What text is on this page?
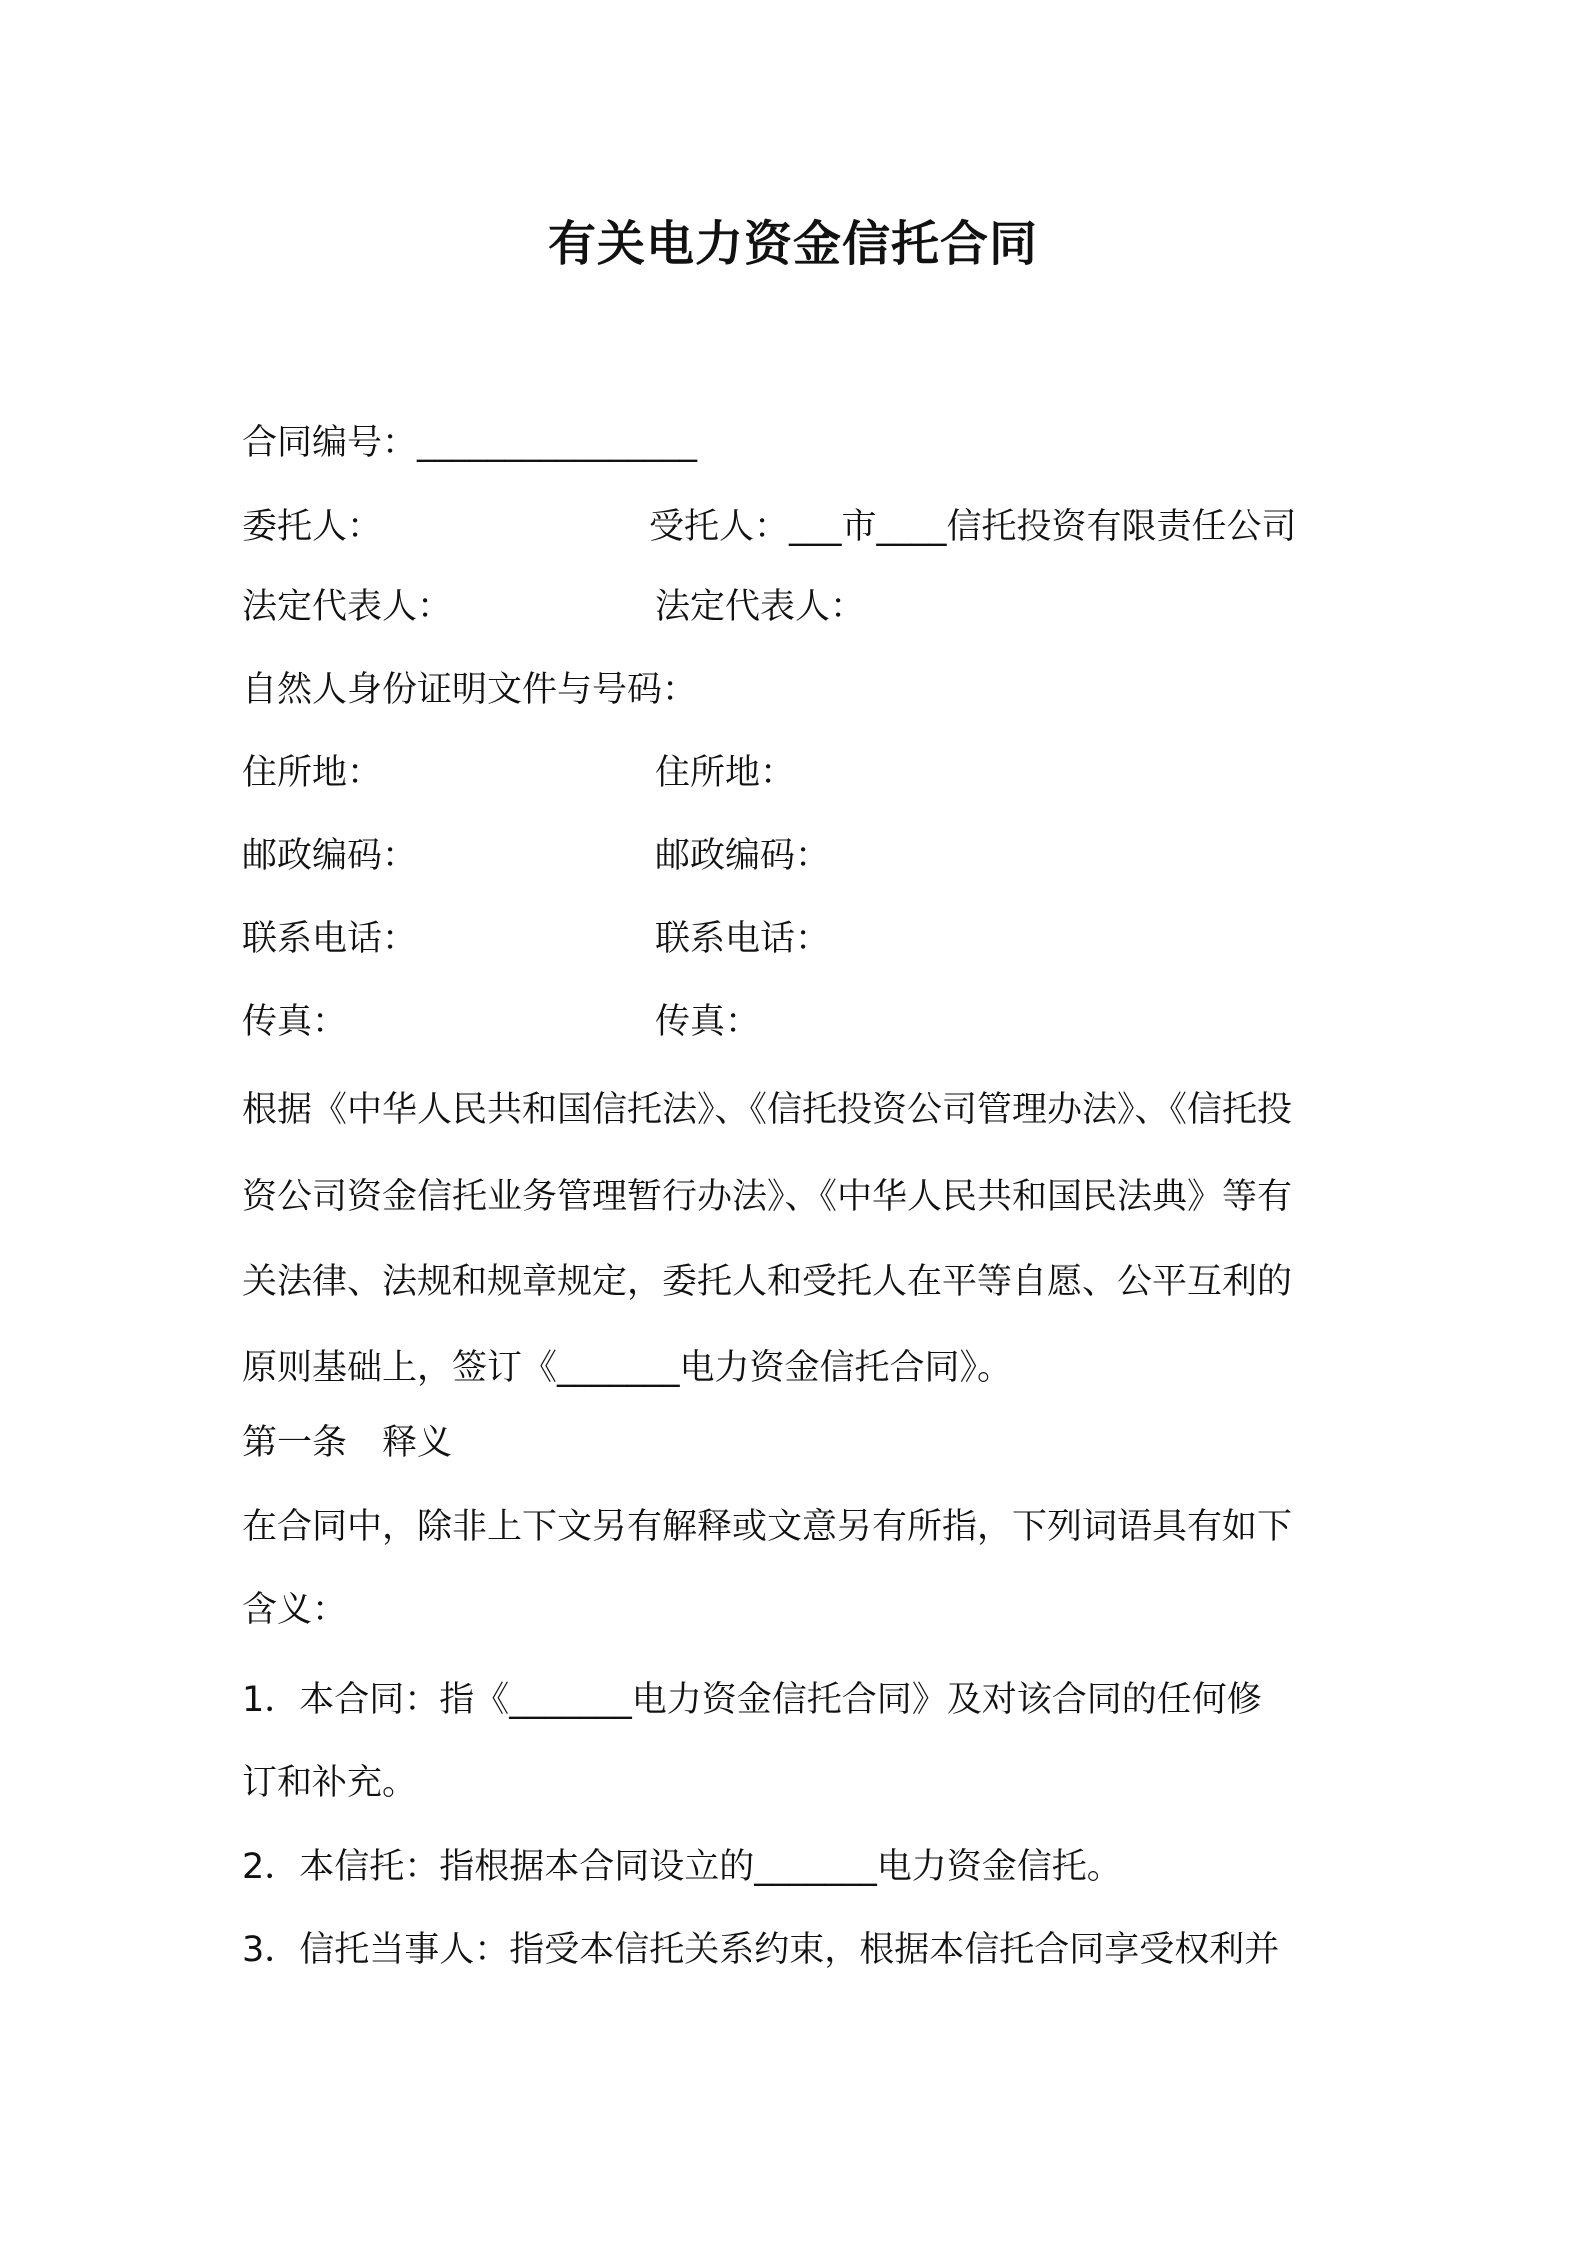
有关电力资金信托合同
合同编号：________________
委托人：	受托人：___市____信托投资有限责任公司
法定代表人：	法定代表人：
自然人身份证明文件与号码：
住所地：	住所地：
邮政编码：	邮政编码：
联系电话：	联系电话：
传真：	传真：
根据《中华人民共和国信托法》、《信托投资公司管理办法》、《信托投
资公司资金信托业务管理暂行办法》、《中华人民共和国民法典》等有
关法律、法规和规章规定，委托人和受托人在平等自愿、公平互利的
原则基础上，签订《_______电力资金信托合同》。
第一条　释义
在合同中，除非上下文另有解释或文意另有所指，下列词语具有如下
含义：
1．本合同：指《_______电力资金信托合同》及对该合同的任何修
订和补充。
2．本信托：指根据本合同设立的_______电力资金信托。
3．信托当事人：指受本信托关系约束，根据本信托合同享受权利并
